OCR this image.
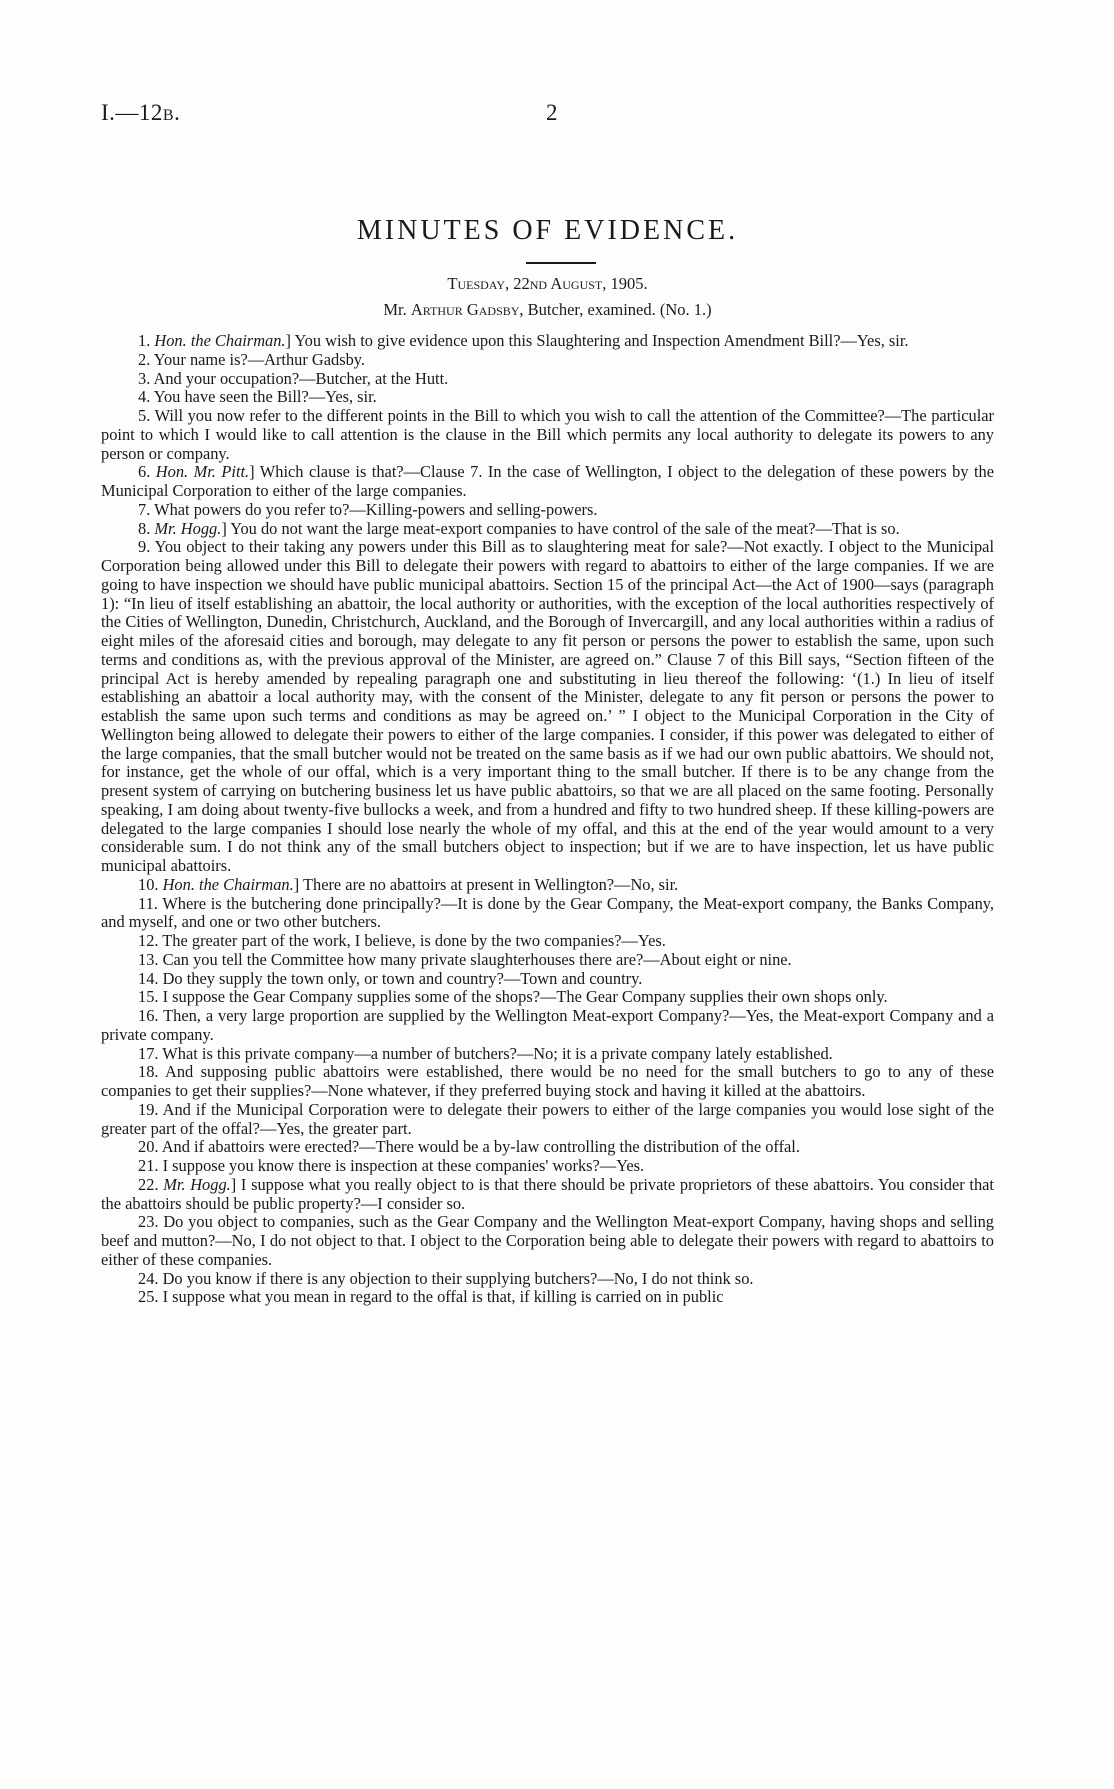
I.—12B.	2
MINUTES OF EVIDENCE.
Tuesday, 22nd August, 1905.
Mr. Arthur Gadsby, Butcher, examined. (No. 1.)

1. Hon. the Chairman.] You wish to give evidence upon this Slaughtering and Inspection Amendment Bill?—Yes, sir.

2. Your name is?—Arthur Gadsby.

3. And your occupation?—Butcher, at the Hutt.

4. You have seen the Bill?—Yes, sir.

5. Will you now refer to the different points in the Bill to which you wish to call the attention of the Committee?—The particular point to which I would like to call attention is the clause in the Bill which permits any local authority to delegate its powers to any person or company.

6. Hon. Mr. Pitt.] Which clause is that?—Clause 7. In the case of Wellington, I object to the delegation of these powers by the Municipal Corporation to either of the large companies.

7. What powers do you refer to?—Killing-powers and selling-powers.

8. Mr. Hogg.] You do not want the large meat-export companies to have control of the sale of the meat?—That is so.

9. You object to their taking any powers under this Bill as to slaughtering meat for sale?—Not exactly. I object to the Municipal Corporation being allowed under this Bill to delegate their powers with regard to abattoirs to either of the large companies. If we are going to have inspection we should have public municipal abattoirs. Section 15 of the principal Act—the Act of 1900—says (paragraph 1): “In lieu of itself establishing an abattoir, the local authority or authorities, with the exception of the local authorities respectively of the Cities of Wellington, Dunedin, Christchurch, Auckland, and the Borough of Invercargill, and any local authorities within a radius of eight miles of the aforesaid cities and borough, may delegate to any fit person or persons the power to establish the same, upon such terms and conditions as, with the previous approval of the Minister, are agreed on.” Clause 7 of this Bill says, “Section fifteen of the principal Act is hereby amended by repealing paragraph one and substituting in lieu thereof the following: ‘(1.) In lieu of itself establishing an abattoir a local authority may, with the consent of the Minister, delegate to any fit person or persons the power to establish the same upon such terms and conditions as may be agreed on.’ ” I object to the Municipal Corporation in the City of Wellington being allowed to delegate their powers to either of the large companies. I consider, if this power was delegated to either of the large companies, that the small butcher would not be treated on the same basis as if we had our own public abattoirs. We should not, for instance, get the whole of our offal, which is a very important thing to the small butcher. If there is to be any change from the present system of carrying on butchering business let us have public abattoirs, so that we are all placed on the same footing. Personally speaking, I am doing about twenty-five bullocks a week, and from a hundred and fifty to two hundred sheep. If these killing-powers are delegated to the large companies I should lose nearly the whole of my offal, and this at the end of the year would amount to a very considerable sum. I do not think any of the small butchers object to inspection; but if we are to have inspection, let us have public municipal abattoirs.

10. Hon. the Chairman.] There are no abattoirs at present in Wellington?—No, sir.

11. Where is the butchering done principally?—It is done by the Gear Company, the Meat-export company, the Banks Company, and myself, and one or two other butchers.

12. The greater part of the work, I believe, is done by the two companies?—Yes.

13. Can you tell the Committee how many private slaughterhouses there are?—About eight or nine.

14. Do they supply the town only, or town and country?—Town and country.

15. I suppose the Gear Company supplies some of the shops?—The Gear Company supplies their own shops only.

16. Then, a very large proportion are supplied by the Wellington Meat-export Company?—Yes, the Meat-export Company and a private company.

17. What is this private company—a number of butchers?—No; it is a private company lately established.

18. And supposing public abattoirs were established, there would be no need for the small butchers to go to any of these companies to get their supplies?—None whatever, if they preferred buying stock and having it killed at the abattoirs.

19. And if the Municipal Corporation were to delegate their powers to either of the large companies you would lose sight of the greater part of the offal?—Yes, the greater part.

20. And if abattoirs were erected?—There would be a by-law controlling the distribution of the offal.

21. I suppose you know there is inspection at these companies' works?—Yes.

22. Mr. Hogg.] I suppose what you really object to is that there should be private proprietors of these abattoirs. You consider that the abattoirs should be public property?—I consider so.

23. Do you object to companies, such as the Gear Company and the Wellington Meat-export Company, having shops and selling beef and mutton?—No, I do not object to that. I object to the Corporation being able to delegate their powers with regard to abattoirs to either of these companies.

24. Do you know if there is any objection to their supplying butchers?—No, I do not think so.

25. I suppose what you mean in regard to the offal is that, if killing is carried on in public
